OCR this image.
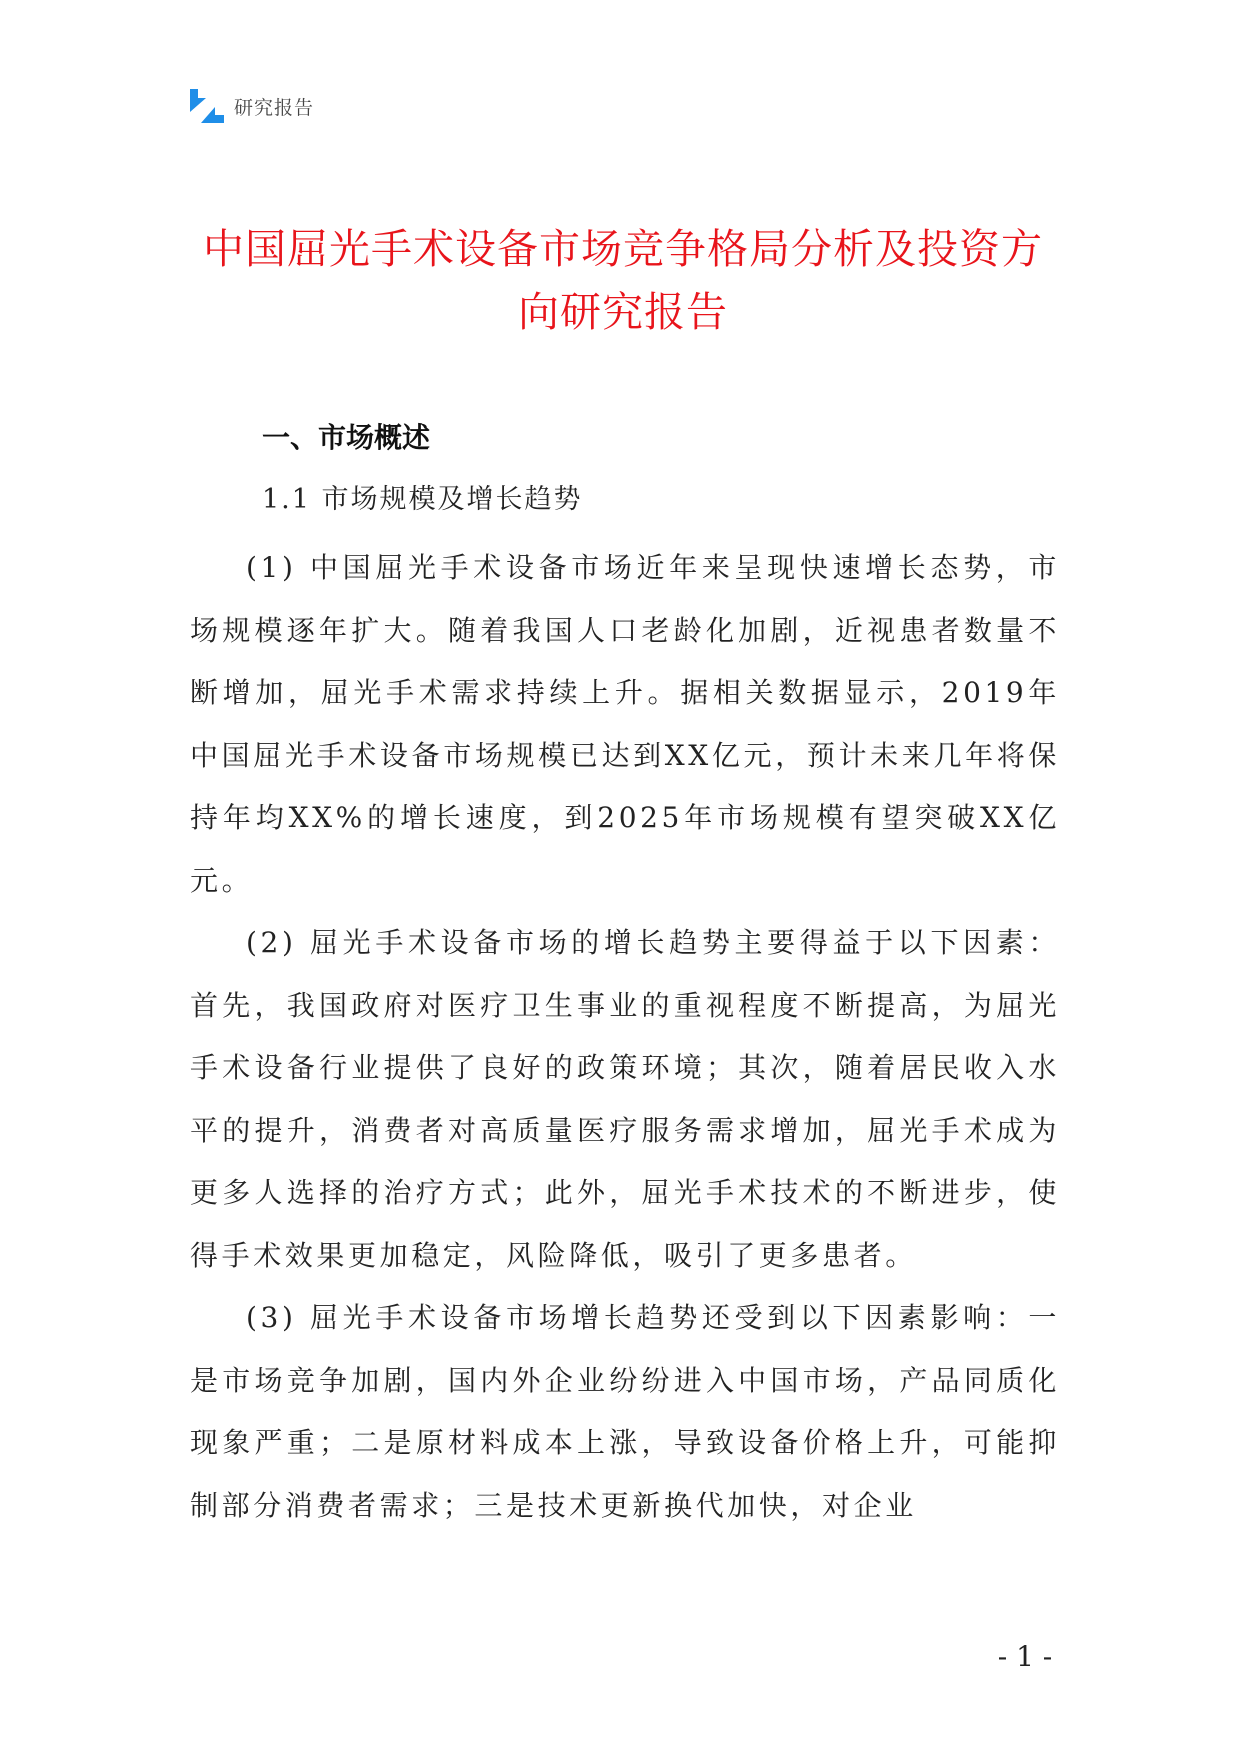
研究报告
中国屈光手术设备市场竞争格局分析及投资方向研究报告
一、市场概述
1.1 市场规模及增长趋势

(1) 中国屈光手术设备市场近年来呈现快速增长态势，市场规模逐年扩大。随着我国人口老龄化加剧，近视患者数量不断增加，屈光手术需求持续上升。据相关数据显示，2019年中国屈光手术设备市场规模已达到XX亿元，预计未来几年将保持年均XX%的增长速度，到2025年市场规模有望突破XX亿元。

(2) 屈光手术设备市场的增长趋势主要得益于以下因素：首先，我国政府对医疗卫生事业的重视程度不断提高，为屈光手术设备行业提供了良好的政策环境；其次，随着居民收入水平的提升，消费者对高质量医疗服务需求增加，屈光手术成为更多人选择的治疗方式；此外，屈光手术技术的不断进步，使得手术效果更加稳定，风险降低，吸引了更多患者。

(3) 屈光手术设备市场增长趋势还受到以下因素影响：一是市场竞争加剧，国内外企业纷纷进入中国市场，产品同质化现象严重；二是原材料成本上涨，导致设备价格上升，可能抑制部分消费者需求；三是技术更新换代加快，对企业

- 1 -
